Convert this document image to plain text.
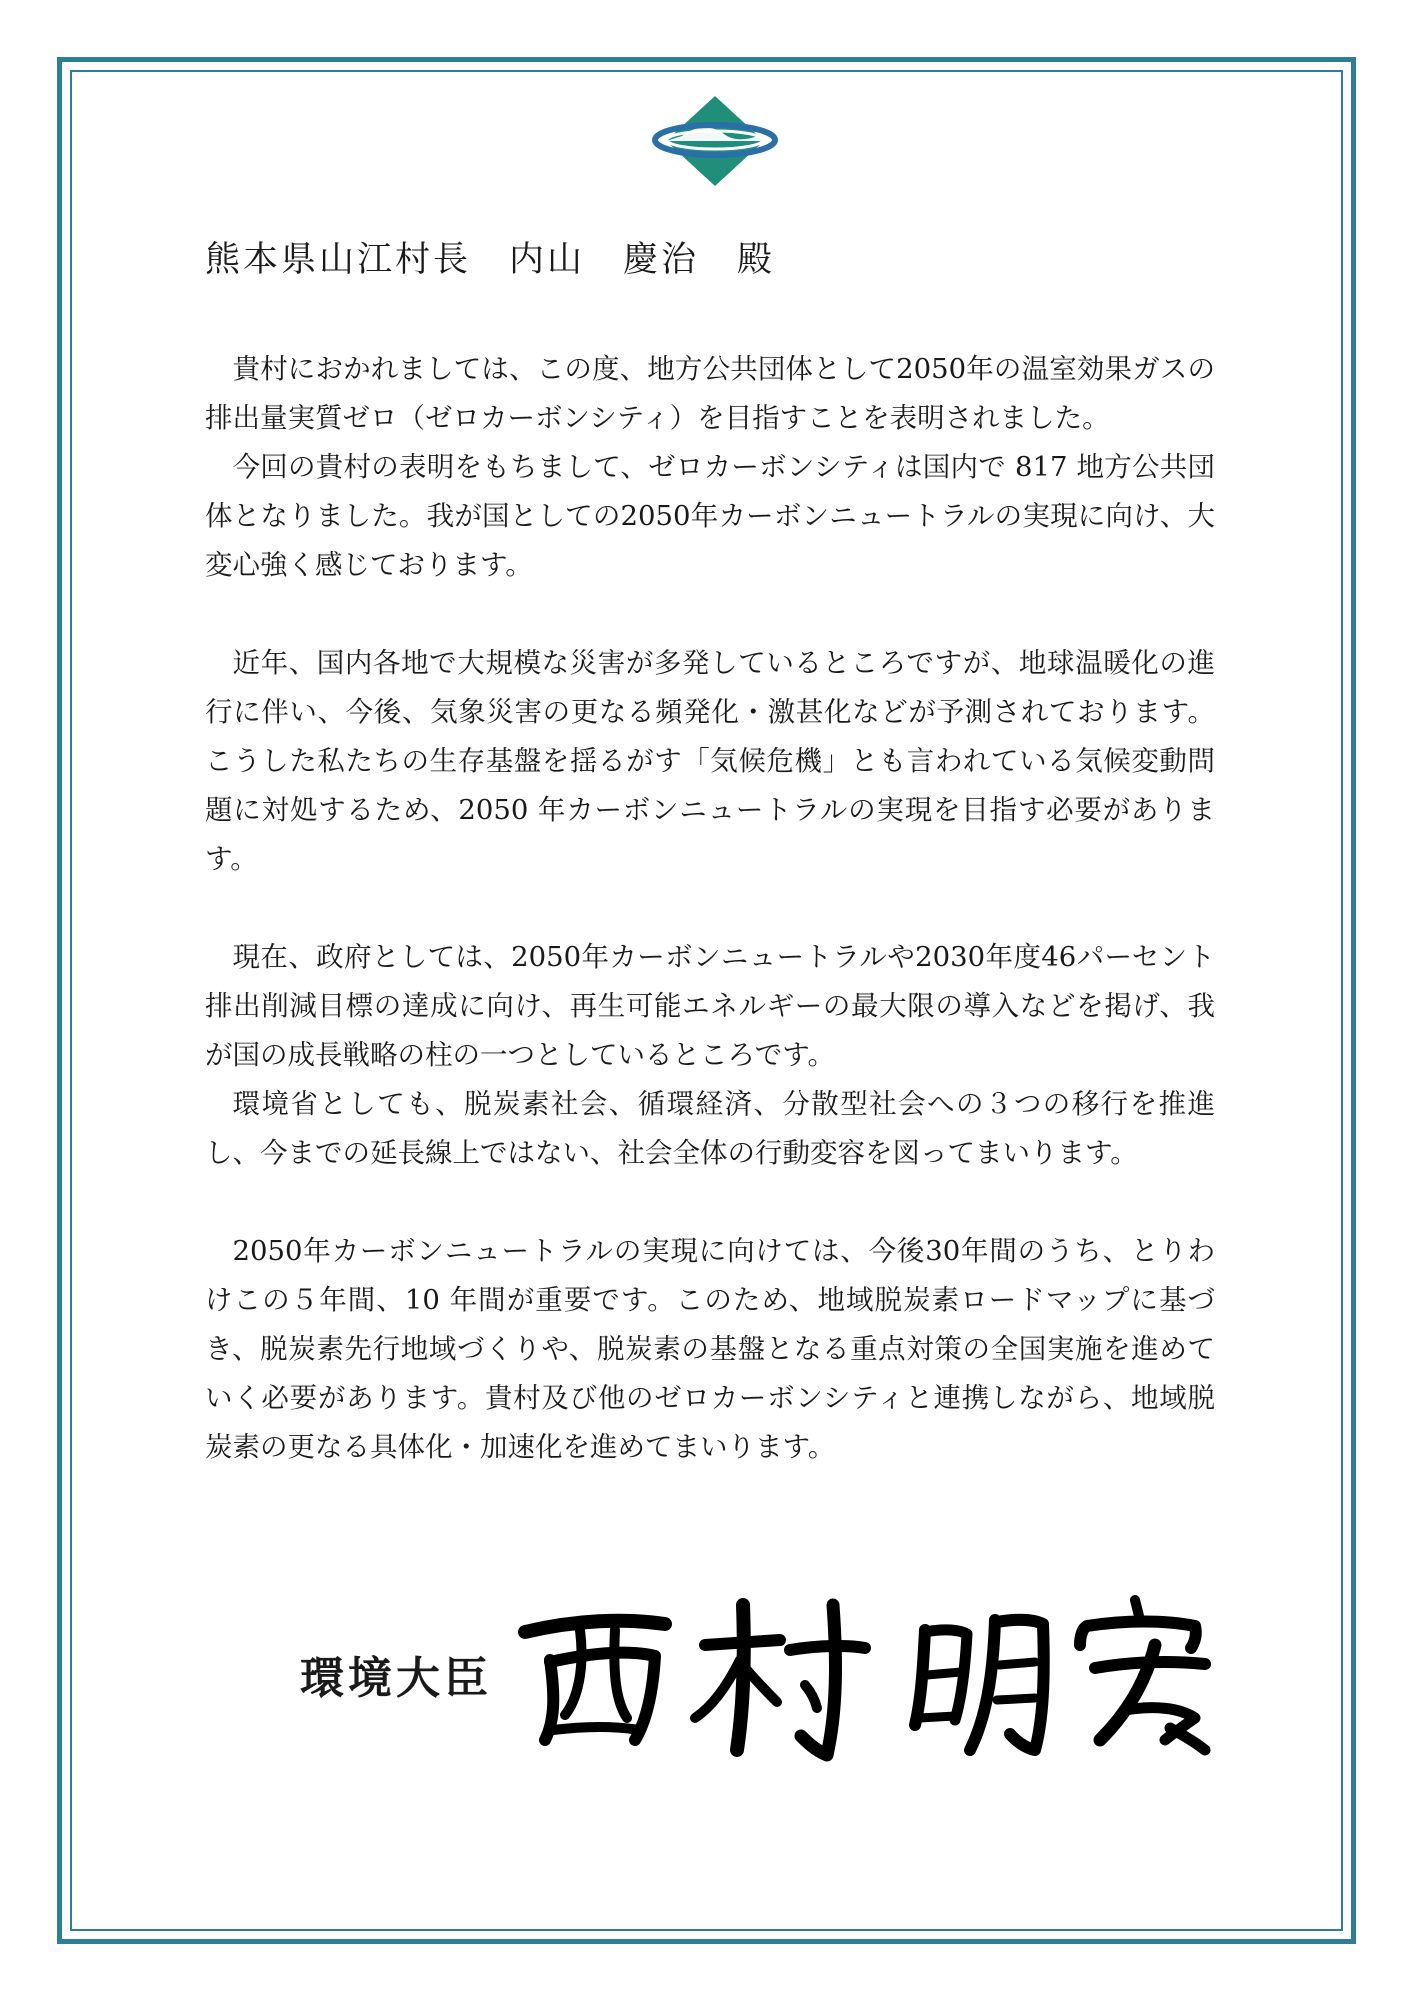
熊本県山江村長　内山　慶治　殿

貴村におかれましては、この度、地方公共団体として2050年の温室効果ガスの排出量実質ゼロ（ゼロカーボンシティ）を目指すことを表明されました。

今回の貴村の表明をもちまして、ゼロカーボンシティは国内で 817 地方公共団体となりました。我が国としての2050年カーボンニュートラルの実現に向け、大変心強く感じております。

近年、国内各地で大規模な災害が多発しているところですが、地球温暖化の進行に伴い、今後、気象災害の更なる頻発化・激甚化などが予測されております。こうした私たちの生存基盤を揺るがす「気候危機」とも言われている気候変動問題に対処するため、2050 年カーボンニュートラルの実現を目指す必要があります。

現在、政府としては、2050年カーボンニュートラルや2030年度46パーセント排出削減目標の達成に向け、再生可能エネルギーの最大限の導入などを掲げ、我が国の成長戦略の柱の一つとしているところです。

環境省としても、脱炭素社会、循環経済、分散型社会への３つの移行を推進し、今までの延長線上ではない、社会全体の行動変容を図ってまいります。

2050年カーボンニュートラルの実現に向けては、今後30年間のうち、とりわけこの５年間、10 年間が重要です。このため、地域脱炭素ロードマップに基づき、脱炭素先行地域づくりや、脱炭素の基盤となる重点対策の全国実施を進めていく必要があります。貴村及び他のゼロカーボンシティと連携しながら、地域脱炭素の更なる具体化・加速化を進めてまいります。

環境大臣
西村明宏
